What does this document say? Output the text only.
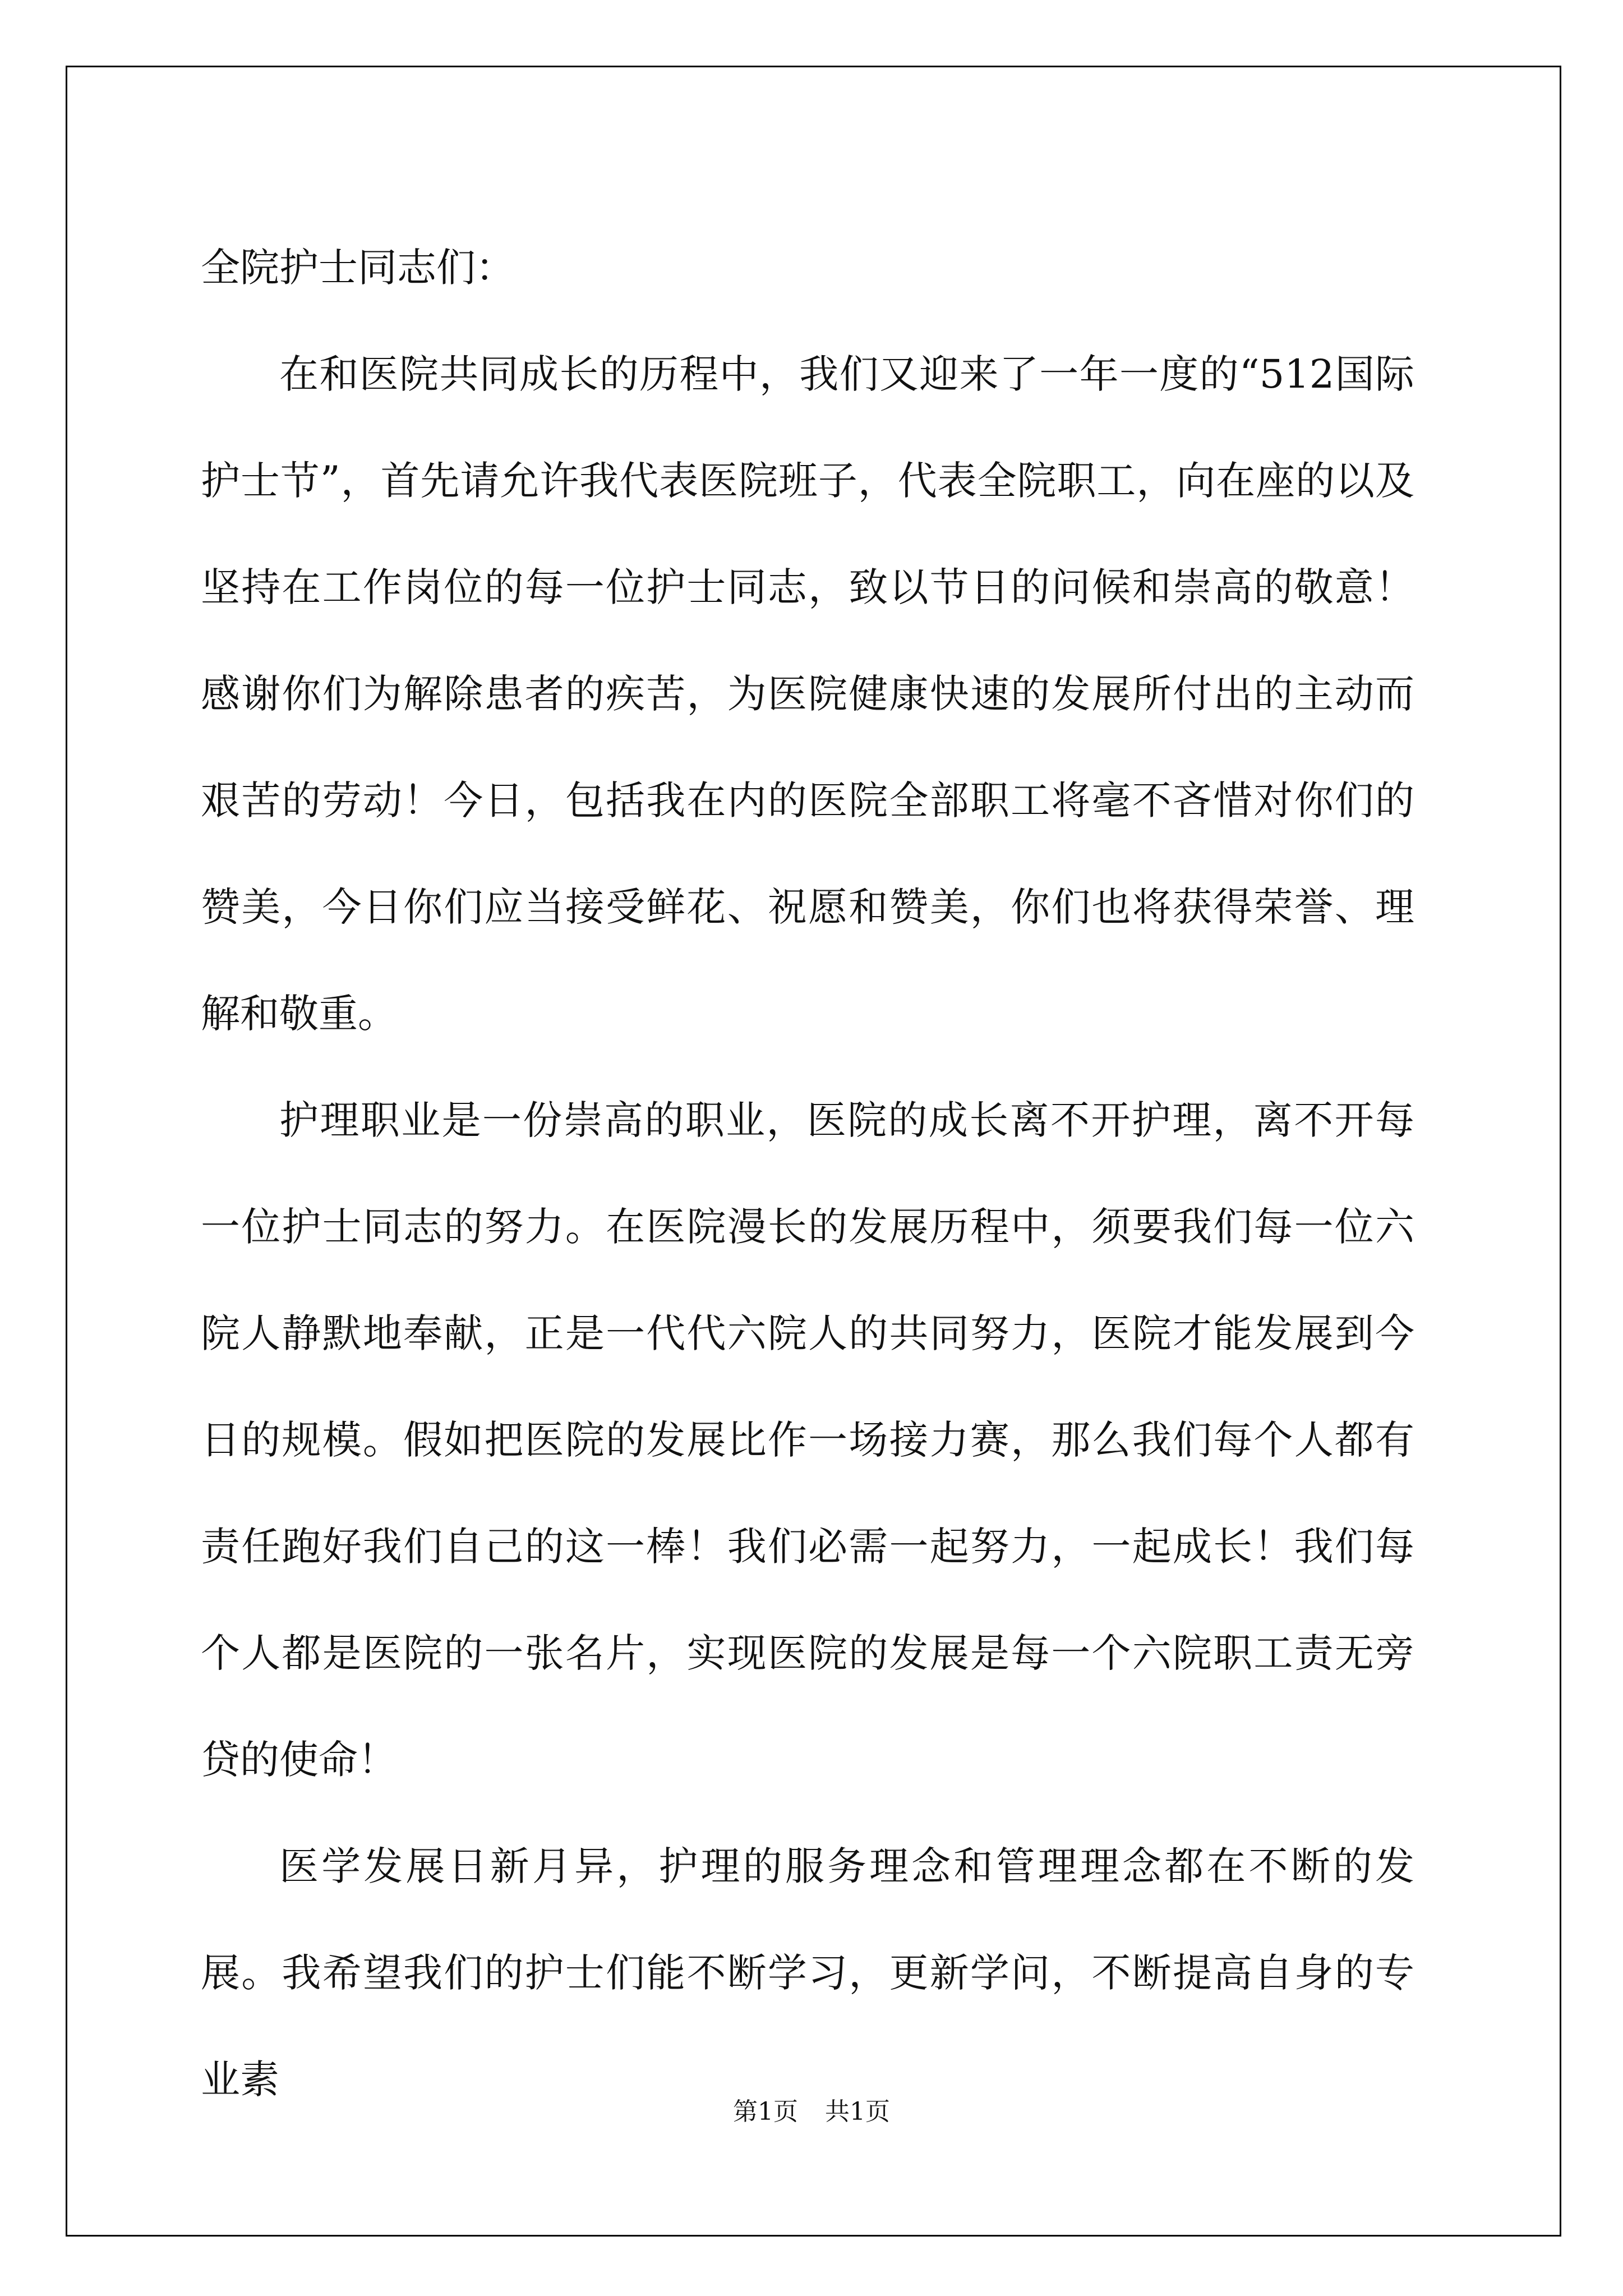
全院护士同志们：

在和医院共同成长的历程中，我们又迎来了一年一度的“512国际护士节”，首先请允许我代表医院班子，代表全院职工，向在座的以及坚持在工作岗位的每一位护士同志，致以节日的问候和崇高的敬意！感谢你们为解除患者的疾苦，为医院健康快速的发展所付出的主动而艰苦的劳动！今日，包括我在内的医院全部职工将毫不吝惜对你们的赞美，今日你们应当接受鲜花、祝愿和赞美，你们也将获得荣誉、理解和敬重。

护理职业是一份崇高的职业，医院的成长离不开护理，离不开每一位护士同志的努力。在医院漫长的发展历程中，须要我们每一位六院人静默地奉献，正是一代代六院人的共同努力，医院才能发展到今日的规模。假如把医院的发展比作一场接力赛，那么我们每个人都有责任跑好我们自己的这一棒！我们必需一起努力，一起成长！我们每个人都是医院的一张名片，实现医院的发展是每一个六院职工责无旁贷的使命！

医学发展日新月异，护理的服务理念和管理理念都在不断的发展。我希望我们的护士们能不断学习，更新学问，不断提高自身的专业素

第1页 共1页
